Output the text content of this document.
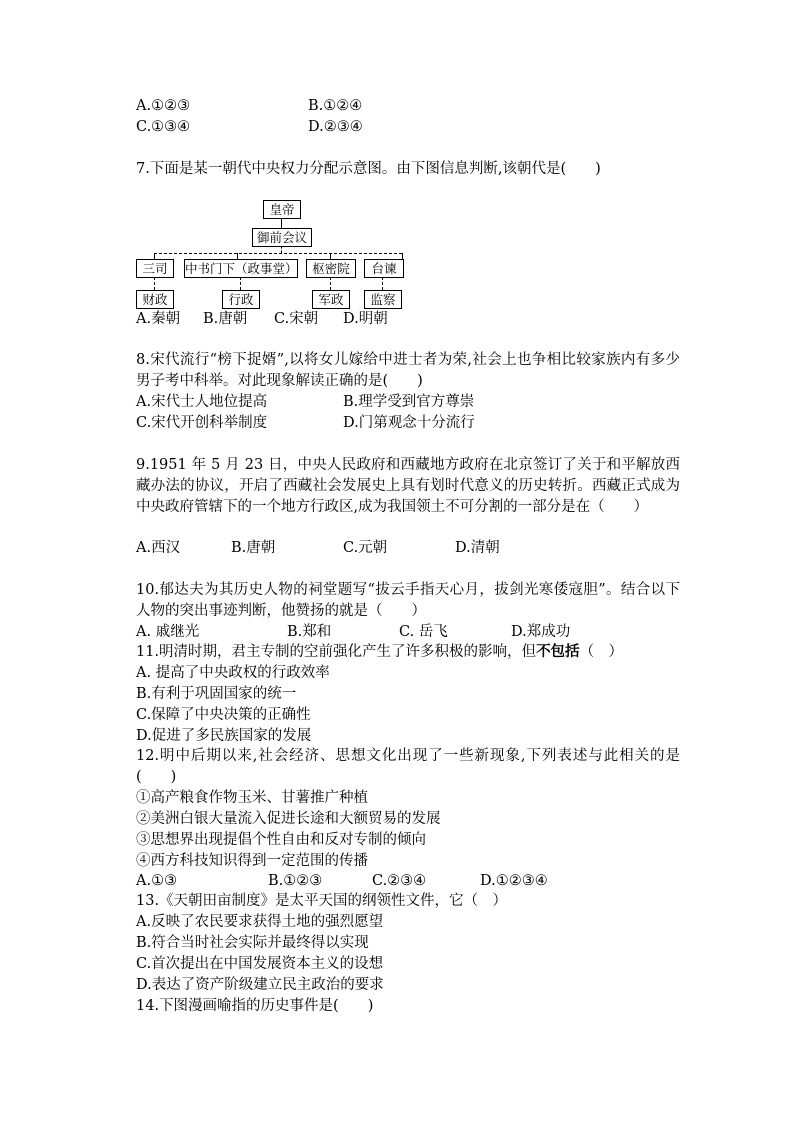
A.①②③	B.①②④
C.①③④	D.②③④
7.下面是某一朝代中央权力分配示意图。由下图信息判断,该朝代是(　　)
皇帝
御前会议
三司	中书门下（政事堂）	枢密院	台谏
财政	行政	军政	监察
A.秦朝 B.唐朝 C.宋朝 D.明朝
8.宋代流行“榜下捉婿”,以将女儿嫁给中进士者为荣,社会上也争相比较家族内有多少男子考中科举。对此现象解读正确的是(　　)
A.宋代士人地位提高	B.理学受到官方尊崇
C.宋代开创科举制度	D.门第观念十分流行
9.1951 年 5 月 23 日，中央人民政府和西藏地方政府在北京签订了关于和平解放西藏办法的协议，开启了西藏社会发展史上具有划时代意义的历史转折。西藏正式成为中央政府管辖下的一个地方行政区,成为我国领土不可分割的一部分是在（　　）
A.西汉	B.唐朝	C.元朝	D.清朝
10.郁达夫为其历史人物的祠堂题写“拔云手指天心月，拔剑光寒倭寇胆”。结合以下人物的突出事迹判断，他赞扬的就是（　　）
A. 戚继光	B.郑和	C. 岳飞	D.郑成功
11.明清时期，君主专制的空前强化产生了许多积极的影响，但不包括（　）
A. 提高了中央政权的行政效率
B.有利于巩固国家的统一
C.保障了中央决策的正确性
D.促进了多民族国家的发展
12.明中后期以来,社会经济、思想文化出现了一些新现象,下列表述与此相关的是(　　)
①高产粮食作物玉米、甘薯推广种植
②美洲白银大量流入促进长途和大额贸易的发展
③思想界出现提倡个性自由和反对专制的倾向
④西方科技知识得到一定范围的传播
A.①③	B.①②③	C.②③④	D.①②③④
13.《天朝田亩制度》是太平天国的纲领性文件，它（　）
A.反映了农民要求获得土地的强烈愿望
B.符合当时社会实际并最终得以实现
C.首次提出在中国发展资本主义的设想
D.表达了资产阶级建立民主政治的要求
14.下图漫画喻指的历史事件是(　　)
